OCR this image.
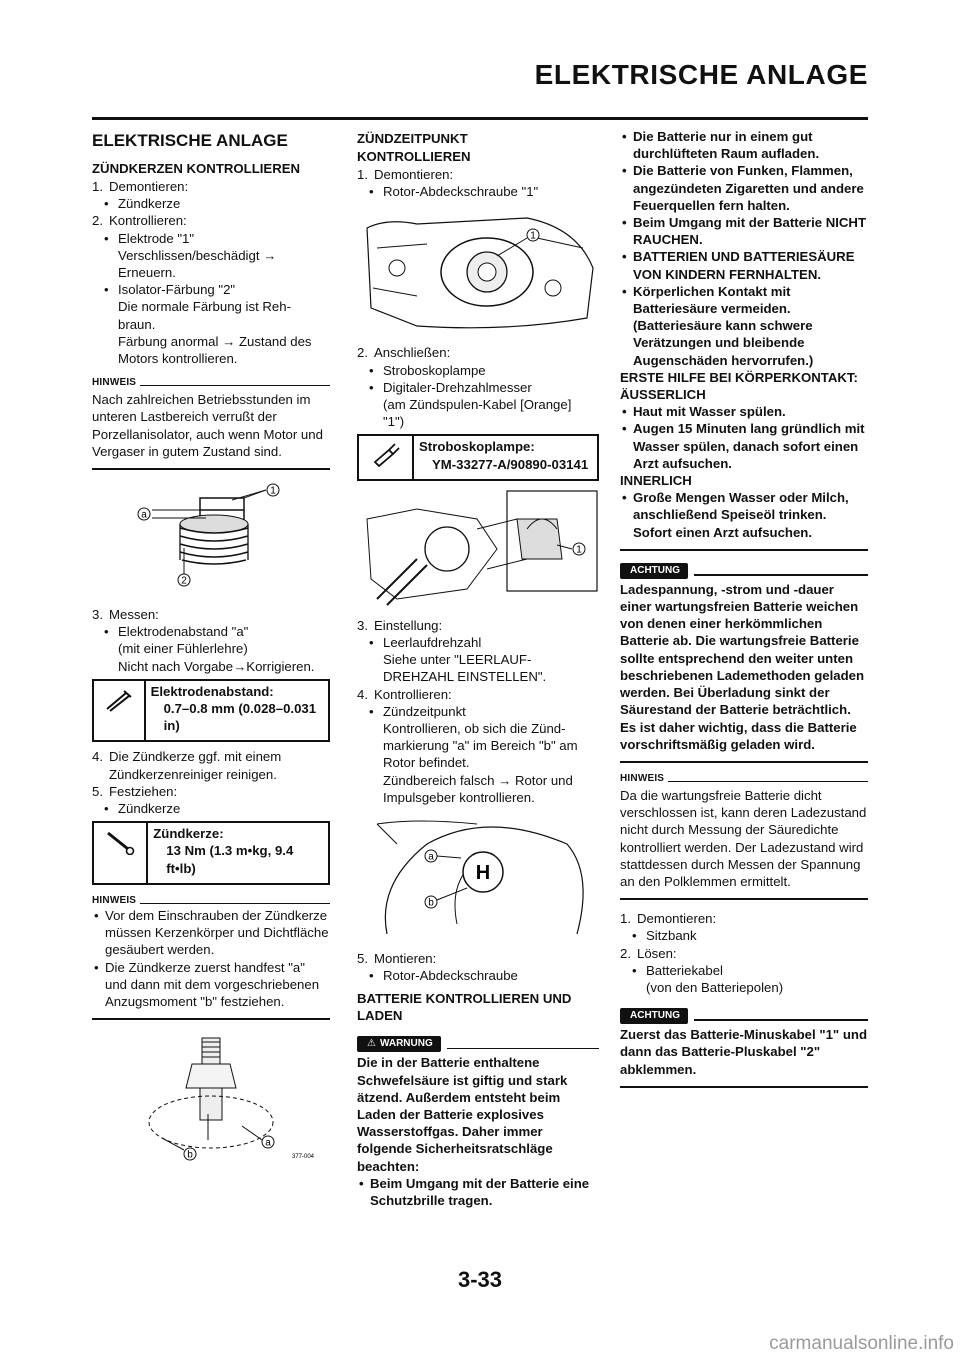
ELEKTRISCHE ANLAGE
ELEKTRISCHE ANLAGE
ZÜNDKERZEN KONTROLLIEREN
1. Demontieren:
• Zündkerze
2. Kontrollieren:
• Elektrode "1"
Verschlissen/beschädigt →
Erneuern.
• Isolator-Färbung "2"
Die normale Färbung ist Reh-
braun.
Färbung anormal → Zustand des
Motors kontrollieren.
HINWEIS
Nach zahlreichen Betriebsstunden im unteren Lastbereich verrußt der Porzellanisolator, auch wenn Motor und Vergaser in gutem Zustand sind.
a
1
2
3. Messen:
• Elektrodenabstand "a"
(mit einer Fühlerlehre)
Nicht nach Vorgabe→Korrigieren.
Elektrodenabstand:
0.7–0.8 mm (0.028–0.031 in)
4. Die Zündkerze ggf. mit einem Zündkerzenreiniger reinigen.
5. Festziehen:
• Zündkerze
Zündkerze:
13 Nm (1.3 m•kg, 9.4 ft•lb)
HINWEIS
• Vor dem Einschrauben der Zündkerze müssen Kerzenkörper und Dichtfläche gesäubert werden.
• Die Zündkerze zuerst handfest "a" und dann mit dem vorgeschriebenen Anzugsmoment "b" festziehen.
a
b	377-004
ZÜNDZEITPUNKT
KONTROLLIEREN
1. Demontieren:
• Rotor-Abdeckschraube "1"
1
2. Anschließen:
• Stroboskoplampe
• Digitaler-Drehzahlmesser
(am Zündspulen-Kabel [Orange]
"1")
Stroboskoplampe:
YM-33277-A/90890-03141
1
3. Einstellung:
• Leerlaufdrehzahl
Siehe unter "LEERLAUF-
DREHZAHL EINSTELLEN".
4. Kontrollieren:
• Zündzeitpunkt
Kontrollieren, ob sich die Zünd-
markierung "a" im Bereich "b" am
Rotor befindet.
Zündbereich falsch → Rotor und
Impulsgeber kontrollieren.
H
a
b
5. Montieren:
• Rotor-Abdeckschraube
BATTERIE KONTROLLIEREN UND LADEN
⚠ WARNUNG
Die in der Batterie enthaltene Schwefelsäure ist giftig und stark ätzend. Außerdem entsteht beim Laden der Batterie explosives Wasserstoffgas. Daher immer folgende Sicherheitsratschläge beachten:
• Beim Umgang mit der Batterie eine Schutzbrille tragen.
• Die Batterie nur in einem gut durchlüfteten Raum aufladen.
• Die Batterie von Funken, Flammen, angezündeten Zigaretten und andere Feuerquellen fern halten.
• Beim Umgang mit der Batterie NICHT RAUCHEN.
• BATTERIEN UND BATTERIESÄURE VON KINDERN FERNHALTEN.
• Körperlichen Kontakt mit Batteriesäure vermeiden. (Batteriesäure kann schwere Verätzungen und bleibende Augenschäden hervorrufen.)
ERSTE HILFE BEI KÖRPERKONTAKT:
ÄUSSERLICH
• Haut mit Wasser spülen.
• Augen 15 Minuten lang gründlich mit Wasser spülen, danach sofort einen Arzt aufsuchen.
INNERLICH
• Große Mengen Wasser oder Milch, anschließend Speiseöl trinken. Sofort einen Arzt aufsuchen.
ACHTUNG
Ladespannung, -strom und -dauer einer wartungsfreien Batterie weichen von denen einer herkömmlichen Batterie ab. Die wartungsfreie Batterie sollte entsprechend den weiter unten beschriebenen Lademethoden geladen werden. Bei Überladung sinkt der Säurestand der Batterie beträchtlich. Es ist daher wichtig, dass die Batterie vorschriftsmäßig geladen wird.
HINWEIS
Da die wartungsfreie Batterie dicht verschlossen ist, kann deren Ladezustand nicht durch Messung der Säuredichte kontrolliert werden. Der Ladezustand wird stattdessen durch Messen der Spannung an den Polklemmen ermittelt.
1. Demontieren:
• Sitzbank
2. Lösen:
• Batteriekabel
(von den Batteriepolen)
ACHTUNG
Zuerst das Batterie-Minuskabel "1" und dann das Batterie-Pluskabel "2" abklemmen.
3-33
carmanualsonline.info
